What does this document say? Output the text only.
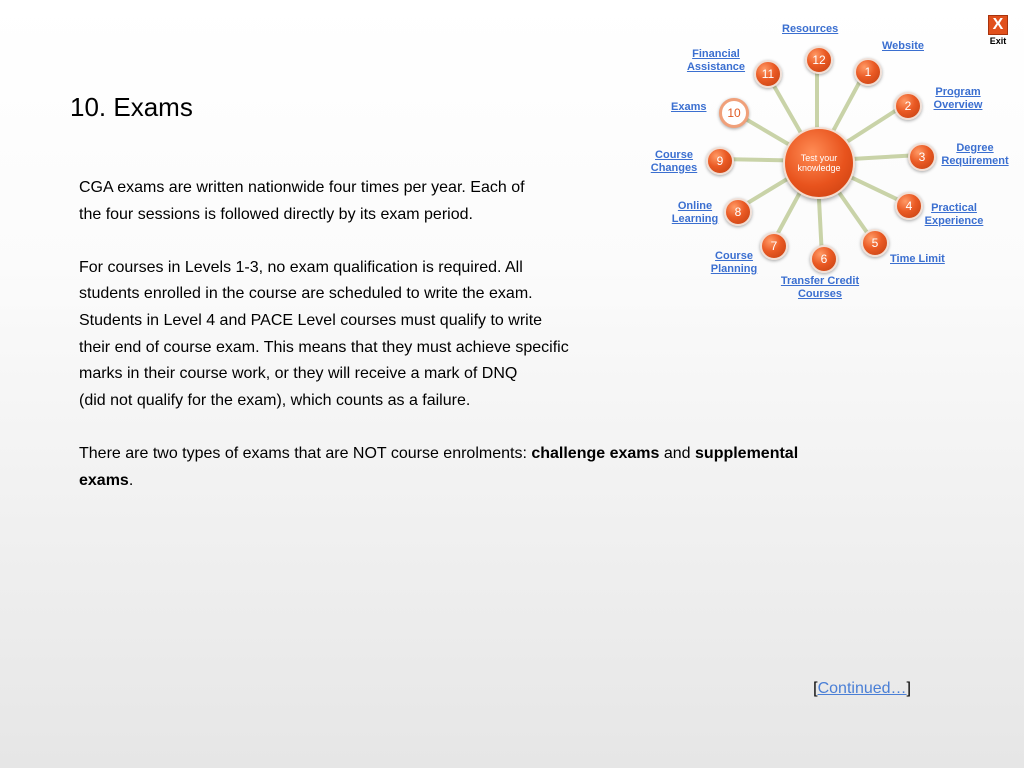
Test your knowledge
1
2
3
4
5
6
7
8
9
10
11
12
Resources
Website
Financial
Assistance
Program
Overview
Exams
Degree
Requirement
Course
Changes
Online
Learning
Practical
Experience
Course
Planning
Time Limit
Transfer Credit
Courses
X
Exit
10. Exams

CGA exams are written nationwide four times per year. Each of
the four sessions is followed directly by its exam period.

For courses in Levels 1-3, no exam qualification is required. All
students enrolled in the course are scheduled to write the exam.
Students in Level 4 and PACE Level courses must qualify to write
their end of course exam. This means that they must achieve specific
marks in their course work, or they will receive a mark of DNQ
(did not qualify for the exam), which counts as a failure.

There are two types of exams that are NOT course enrolments: challenge exams and supplemental
exams.

[Continued…]
